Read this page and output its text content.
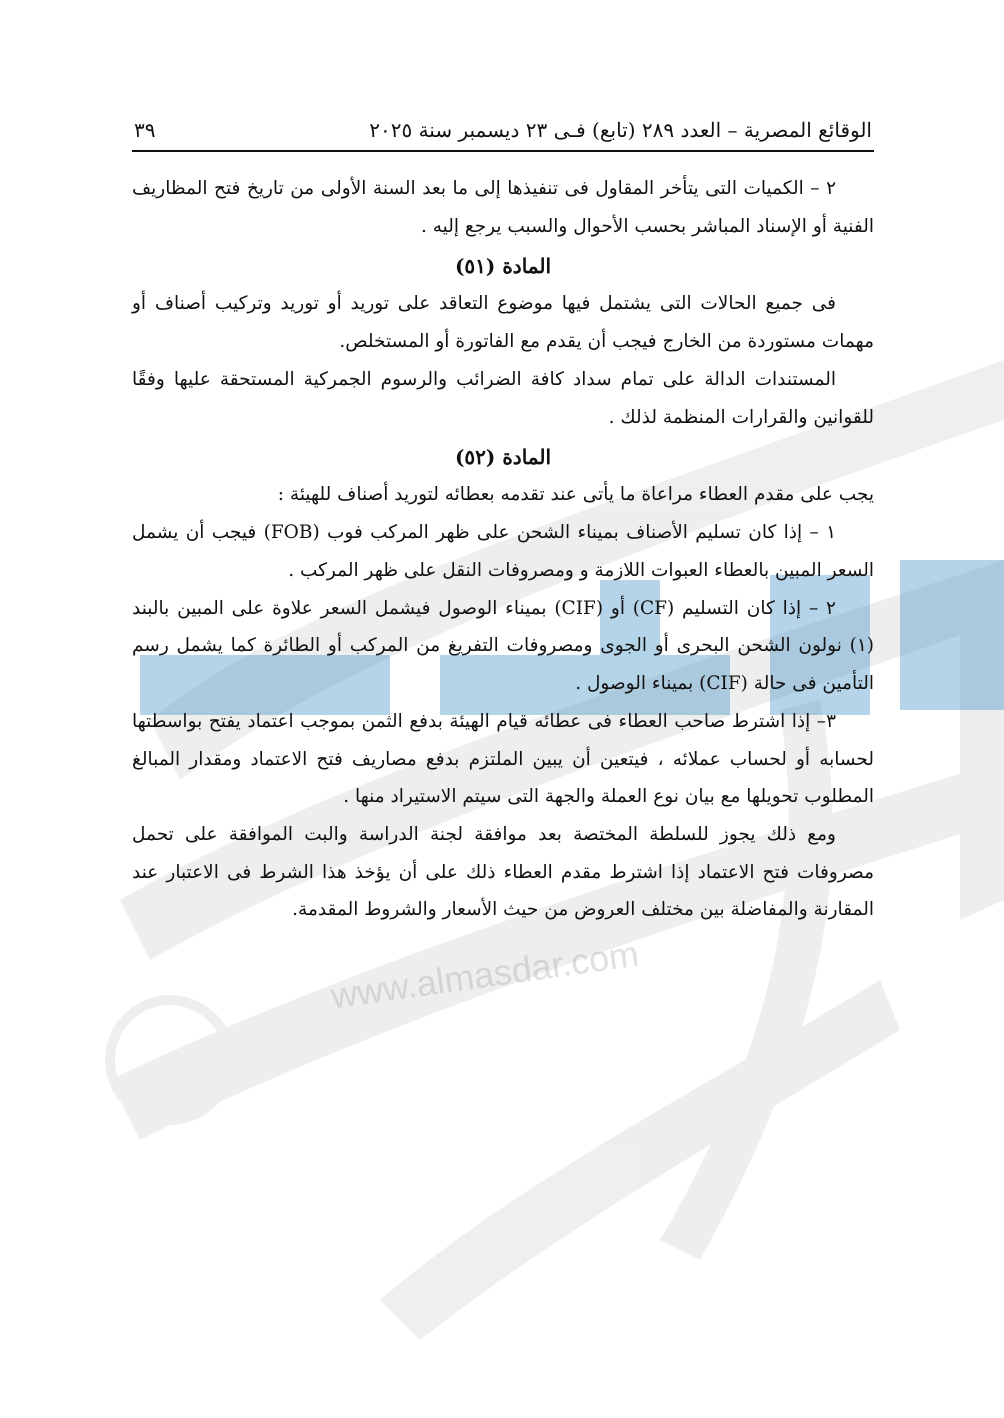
www.almasdar.com
الوقائع المصرية – العدد ٢٨٩ (تابع) فـى ٢٣ ديسمبر سنة ٢٠٢٥
٣٩

٢ – الكميات التى يتأخر المقاول فى تنفيذها إلى ما بعد السنة الأولى من تاريخ فتح المظاريف الفنية أو الإسناد المباشر بحسب الأحوال والسبب يرجع إليه .

المادة (٥١)

فى جميع الحالات التى يشتمل فيها موضوع التعاقد على توريد أو توريد وتركيب أصناف أو مهمات مستوردة من الخارج فيجب أن يقدم مع الفاتورة أو المستخلص.

المستندات الدالة على تمام سداد كافة الضرائب والرسوم الجمركية المستحقة عليها وفقًا للقوانين والقرارات المنظمة لذلك .

المادة (٥٢)

يجب على مقدم العطاء مراعاة ما يأتى عند تقدمه بعطائه لتوريد أصناف للهيئة :

١ – إذا كان تسليم الأصناف بميناء الشحن على ظهر المركب فوب (FOB) فيجب أن يشمل السعر المبين بالعطاء العبوات اللازمة و ومصروفات النقل على ظهر المركب .

٢ – إذا كان التسليم (CF) أو (CIF) بميناء الوصول فيشمل السعر علاوة على المبين بالبند (١) نولون الشحن البحرى أو الجوى ومصروفات التفريغ من المركب أو الطائرة كما يشمل رسم التأمين فى حالة (CIF) بميناء الوصول .

٣– إذا اشترط صاحب العطاء فى عطائه قيام الهيئة بدفع الثمن بموجب اعتماد يفتح بواسطتها لحسابه أو لحساب عملائه ، فيتعين أن يبين الملتزم بدفع مصاريف فتح الاعتماد ومقدار المبالغ المطلوب تحويلها مع بيان نوع العملة والجهة التى سيتم الاستيراد منها .

ومع ذلك يجوز للسلطة المختصة بعد موافقة لجنة الدراسة والبت الموافقة على تحمل مصروفات فتح الاعتماد إذا اشترط مقدم العطاء ذلك على أن يؤخذ هذا الشرط فى الاعتبار عند المقارنة والمفاضلة بين مختلف العروض من حيث الأسعار والشروط المقدمة.
